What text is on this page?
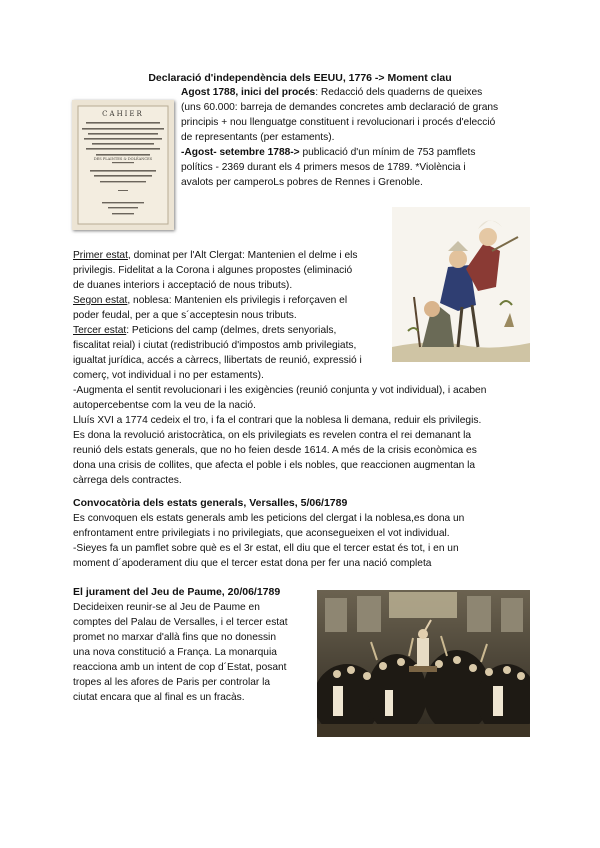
Declaració d'independència dels EEUU, 1776 -> Moment clau
CAHIER
DES PLAINTES & DOLÉANCES

Agost 1788, inici del procés: Redacció dels quaderns de queixes

(uns 60.000: barreja de demandes concretes amb declaració de grans

principis + nou llenguatge constituent i revolucionari i procés d'elecció

de representants (per estaments).

-Agost- setembre 1788-> publicació d'un mínim de 753 pamflets

polítics - 2369 durant els 4 primers mesos de 1789. *Violència i

avalots per camperoLs pobres de Rennes i Grenoble.

Primer estat, dominat per l'Alt Clergat: Mantenien el delme i els

privilegis. Fidelitat a la Corona i algunes propostes (eliminació

de duanes interiors i acceptació de nous tributs).

Segon estat, noblesa: Mantenien els privilegis i reforçaven el

poder feudal, per a que s´acceptesin nous tributs.

Tercer estat: Peticions del camp (delmes, drets senyorials,

fiscalitat reial) i ciutat (redistribució d'impostos amb privilegiats,

igualtat jurídica, accés a càrrecs, llibertats de reunió, expressió i

comerç, vot individual i no per estaments).

-Augmenta el sentit revolucionari i les exigències (reunió conjunta y vot individual), i acaben

autopercebentse com la veu de la nació.

Lluís XVI a 1774 cedeix el tro, i fa el contrari que la noblesa li demana, reduir els privilegis.

Es dona la revolució aristocràtica, on els privilegiats es revelen contra el rei demanant la

reunió dels estats generals, que no ho feien desde 1614. A més de la crisis econòmica es

dona una crisis de collites, que afecta el poble i els nobles, que reaccionen augmentan la

càrrega dels contractes.

Convocatòria dels estats generals, Versalles, 5/06/1789

Es convoquen els estats generals amb les peticions del clergat i la noblesa,es dona un

enfrontament entre privilegiats i no privilegiats, que aconsegueixen el vot individual.

-Sieyes fa un pamflet sobre què es el 3r estat, ell diu que el tercer estat és tot, i en un

moment d´apoderament diu que el tercer estat dona per fer una nació completa

El jurament del Jeu de Paume, 20/06/1789

Decideixen reunir-se al Jeu de Paume en

comptes del Palau de Versalles, i el tercer estat

promet no marxar d'allà fins que no donessin

una nova constitució a França. La monarquia

reacciona amb un intent de cop d´Estat, posant

tropes al les afores de Paris per controlar la

ciutat encara que al final es un fracàs.
